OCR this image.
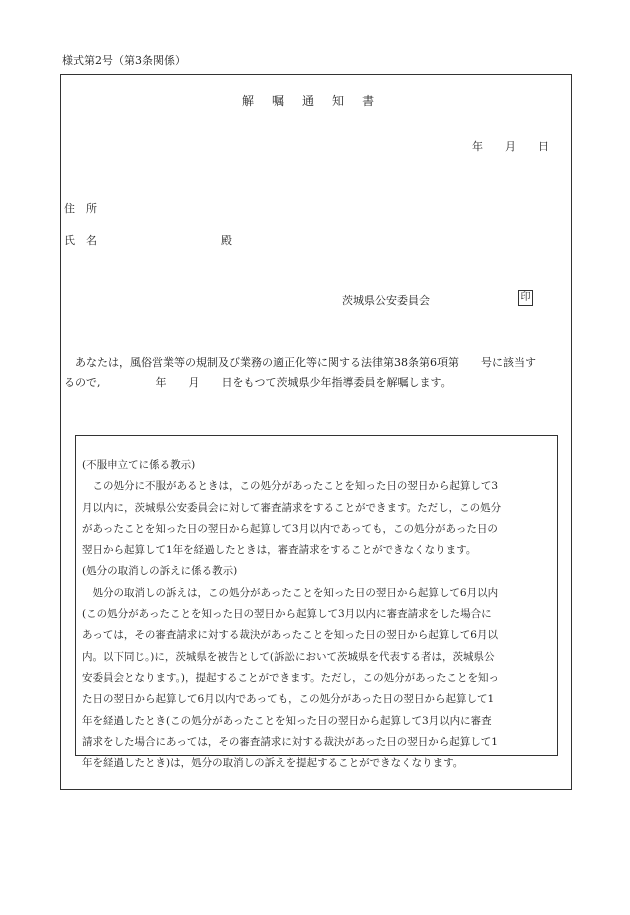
様式第2号（第3条関係）
解 嘱 通 知 書
年 月 日
住　所
氏　名	殿
茨城県公安委員会	印
　あなたは，風俗営業等の規制及び業務の適正化等に関する法律第38条第6項第　　号に該当す
るので,　　　　　年　　月　　日をもつて茨城県少年指導委員を解嘱します。
(不服申立てに係る教示)
　この処分に不服があるときは，この処分があったことを知った日の翌日から起算して3
月以内に，茨城県公安委員会に対して審査請求をすることができます。ただし，この処分
があったことを知った日の翌日から起算して3月以内であっても，この処分があった日の
翌日から起算して1年を経過したときは，審査請求をすることができなくなります。
(処分の取消しの訴えに係る教示)
　処分の取消しの訴えは，この処分があったことを知った日の翌日から起算して6月以内
(この処分があったことを知った日の翌日から起算して3月以内に審査請求をした場合に
あっては，その審査請求に対する裁決があったことを知った日の翌日から起算して6月以
内。以下同じ。)に，茨城県を被告として(訴訟において茨城県を代表する者は，茨城県公
安委員会となります。)，提起することができます。ただし，この処分があったことを知っ
た日の翌日から起算して6月以内であっても，この処分があった日の翌日から起算して1
年を経過したとき(この処分があったことを知った日の翌日から起算して3月以内に審査
請求をした場合にあっては，その審査請求に対する裁決があった日の翌日から起算して1
年を経過したとき)は，処分の取消しの訴えを提起することができなくなります。
